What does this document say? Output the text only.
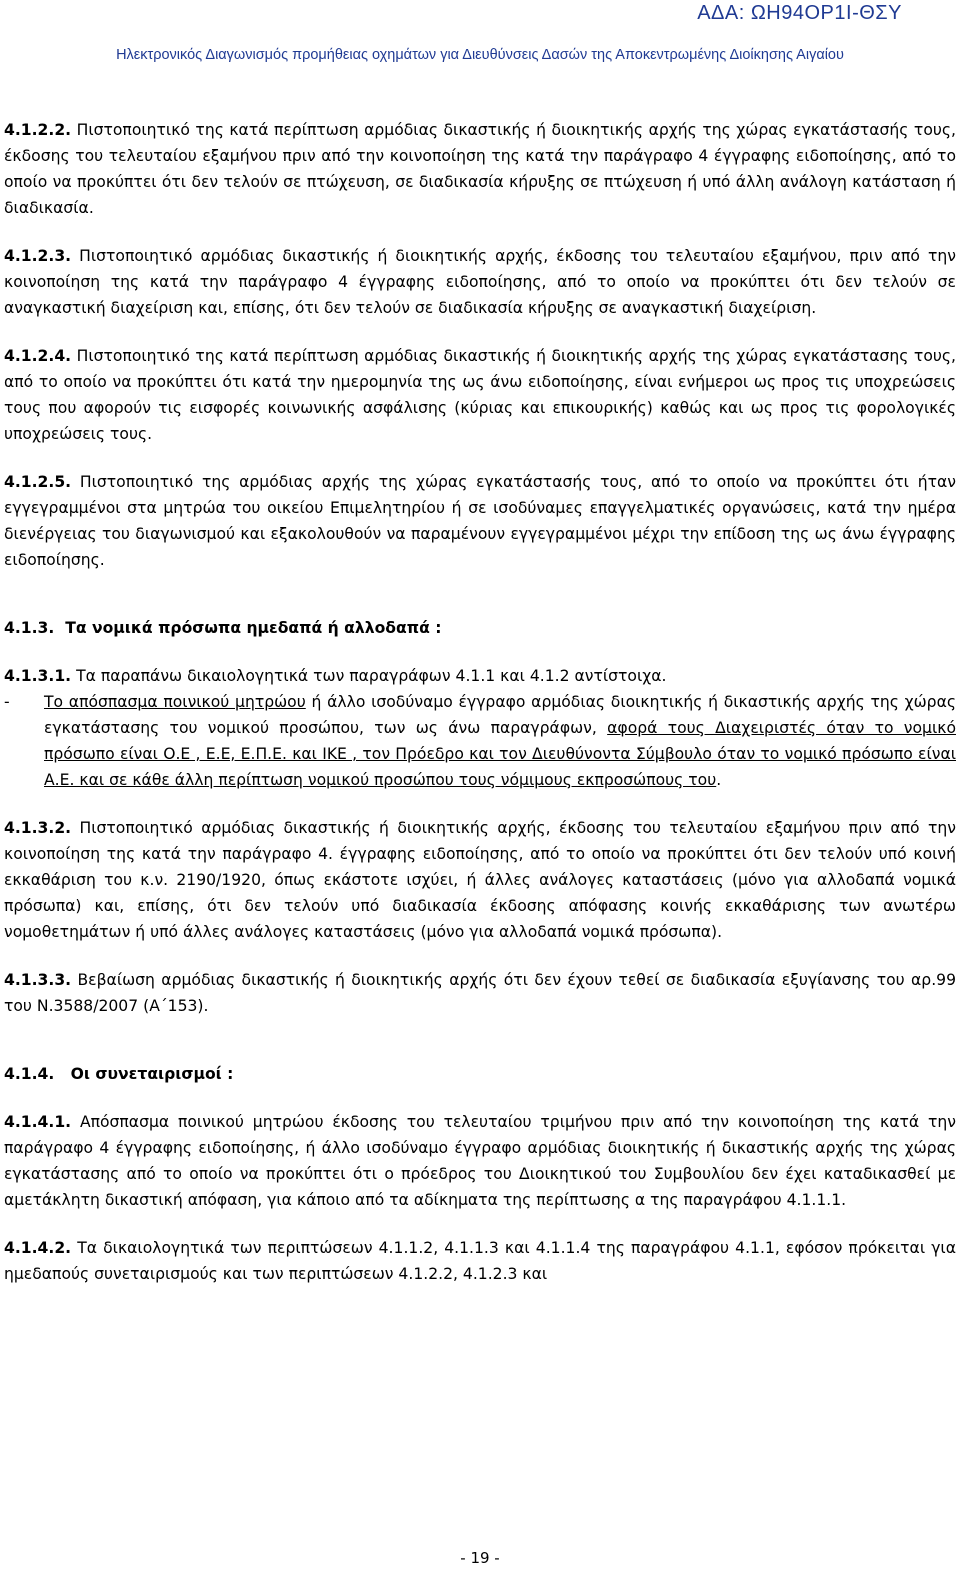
ΑΔΑ: ΩΗ94ΟΡ1Ι-ΘΣΥ
Ηλεκτρονικός Διαγωνισμός προμήθειας οχημάτων για Διευθύνσεις Δασών της Αποκεντρωμένης Διοίκησης Αιγαίου

4.1.2.2. Πιστοποιητικό της κατά περίπτωση αρμόδιας δικαστικής ή διοικητικής αρχής της χώρας εγκατάστασής τους, έκδοσης του τελευταίου εξαμήνου πριν από την κοινοποίηση της κατά την παράγραφο 4 έγγραφης ειδοποίησης, από το οποίο να προκύπτει ότι δεν τελούν σε πτώχευση, σε διαδικασία κήρυξης σε πτώχευση ή υπό άλλη ανάλογη κατάσταση ή διαδικασία.

4.1.2.3. Πιστοποιητικό αρμόδιας δικαστικής ή διοικητικής αρχής, έκδοσης του τελευταίου εξαμήνου, πριν από την κοινοποίηση της κατά την παράγραφο 4 έγγραφης ειδοποίησης, από το οποίο να προκύπτει ότι δεν τελούν σε αναγκαστική διαχείριση και, επίσης, ότι δεν τελούν σε διαδικασία κήρυξης σε αναγκαστική διαχείριση.

4.1.2.4. Πιστοποιητικό της κατά περίπτωση αρμόδιας δικαστικής ή διοικητικής αρχής της χώρας εγκατάστασης τους, από το οποίο να προκύπτει ότι κατά την ημερομηνία της ως άνω ειδοποίησης, είναι ενήμεροι ως προς τις υποχρεώσεις τους που αφορούν τις εισφορές κοινωνικής ασφάλισης (κύριας και επικουρικής) καθώς και ως προς τις φορολογικές υποχρεώσεις τους.

4.1.2.5. Πιστοποιητικό της αρμόδιας αρχής της χώρας εγκατάστασής τους, από το οποίο να προκύπτει ότι ήταν εγγεγραμμένοι στα μητρώα του οικείου Επιμελητηρίου ή σε ισοδύναμες επαγγελματικές οργανώσεις, κατά την ημέρα διενέργειας του διαγωνισμού και εξακολουθούν να παραμένουν εγγεγραμμένοι μέχρι την επίδοση της ως άνω έγγραφης ειδοποίησης.

4.1.3. Τα νομικά πρόσωπα ημεδαπά ή αλλοδαπά :

4.1.3.1. Τα παραπάνω δικαιολογητικά των παραγράφων 4.1.1 και 4.1.2 αντίστοιχα.

-	Το απόσπασμα ποινικού μητρώου ή άλλο ισοδύναμο έγγραφο αρμόδιας διοικητικής ή δικαστικής αρχής της χώρας εγκατάστασης του νομικού προσώπου, των ως άνω παραγράφων, αφορά τους Διαχειριστές όταν το νομικό πρόσωπο είναι Ο.Ε , Ε.Ε, Ε.Π.Ε. και ΙΚΕ , τον Πρόεδρο και τον Διευθύνοντα Σύμβουλο όταν το νομικό πρόσωπο είναι Α.Ε. και σε κάθε άλλη περίπτωση νομικού προσώπου τους νόμιμους εκπροσώπους του.

4.1.3.2. Πιστοποιητικό αρμόδιας δικαστικής ή διοικητικής αρχής, έκδοσης του τελευταίου εξαμήνου πριν από την κοινοποίηση της κατά την παράγραφο 4. έγγραφης ειδοποίησης, από το οποίο να προκύπτει ότι δεν τελούν υπό κοινή εκκαθάριση του κ.ν. 2190/1920, όπως εκάστοτε ισχύει, ή άλλες ανάλογες καταστάσεις (μόνο για αλλοδαπά νομικά πρόσωπα) και, επίσης, ότι δεν τελούν υπό διαδικασία έκδοσης απόφασης κοινής εκκαθάρισης των ανωτέρω νομοθετημάτων ή υπό άλλες ανάλογες καταστάσεις (μόνο για αλλοδαπά νομικά πρόσωπα).

4.1.3.3. Βεβαίωση αρμόδιας δικαστικής ή διοικητικής αρχής ότι δεν έχουν τεθεί σε διαδικασία εξυγίανσης του αρ.99 του Ν.3588/2007 (Α΄153).

4.1.4. Οι συνεταιρισμοί :

4.1.4.1. Απόσπασμα ποινικού μητρώου έκδοσης του τελευταίου τριμήνου πριν από την κοινοποίηση της κατά την παράγραφο 4 έγγραφης ειδοποίησης, ή άλλο ισοδύναμο έγγραφο αρμόδιας διοικητικής ή δικαστικής αρχής της χώρας εγκατάστασης από το οποίο να προκύπτει ότι ο πρόεδρος του Διοικητικού του Συμβουλίου δεν έχει καταδικασθεί με αμετάκλητη δικαστική απόφαση, για κάποιο από τα αδίκηματα της περίπτωσης α της παραγράφου 4.1.1.1.

4.1.4.2. Τα δικαιολογητικά των περιπτώσεων 4.1.1.2, 4.1.1.3 και 4.1.1.4 της παραγράφου 4.1.1, εφόσον πρόκειται για ημεδαπούς συνεταιρισμούς και των περιπτώσεων 4.1.2.2, 4.1.2.3 και

- 19 -
